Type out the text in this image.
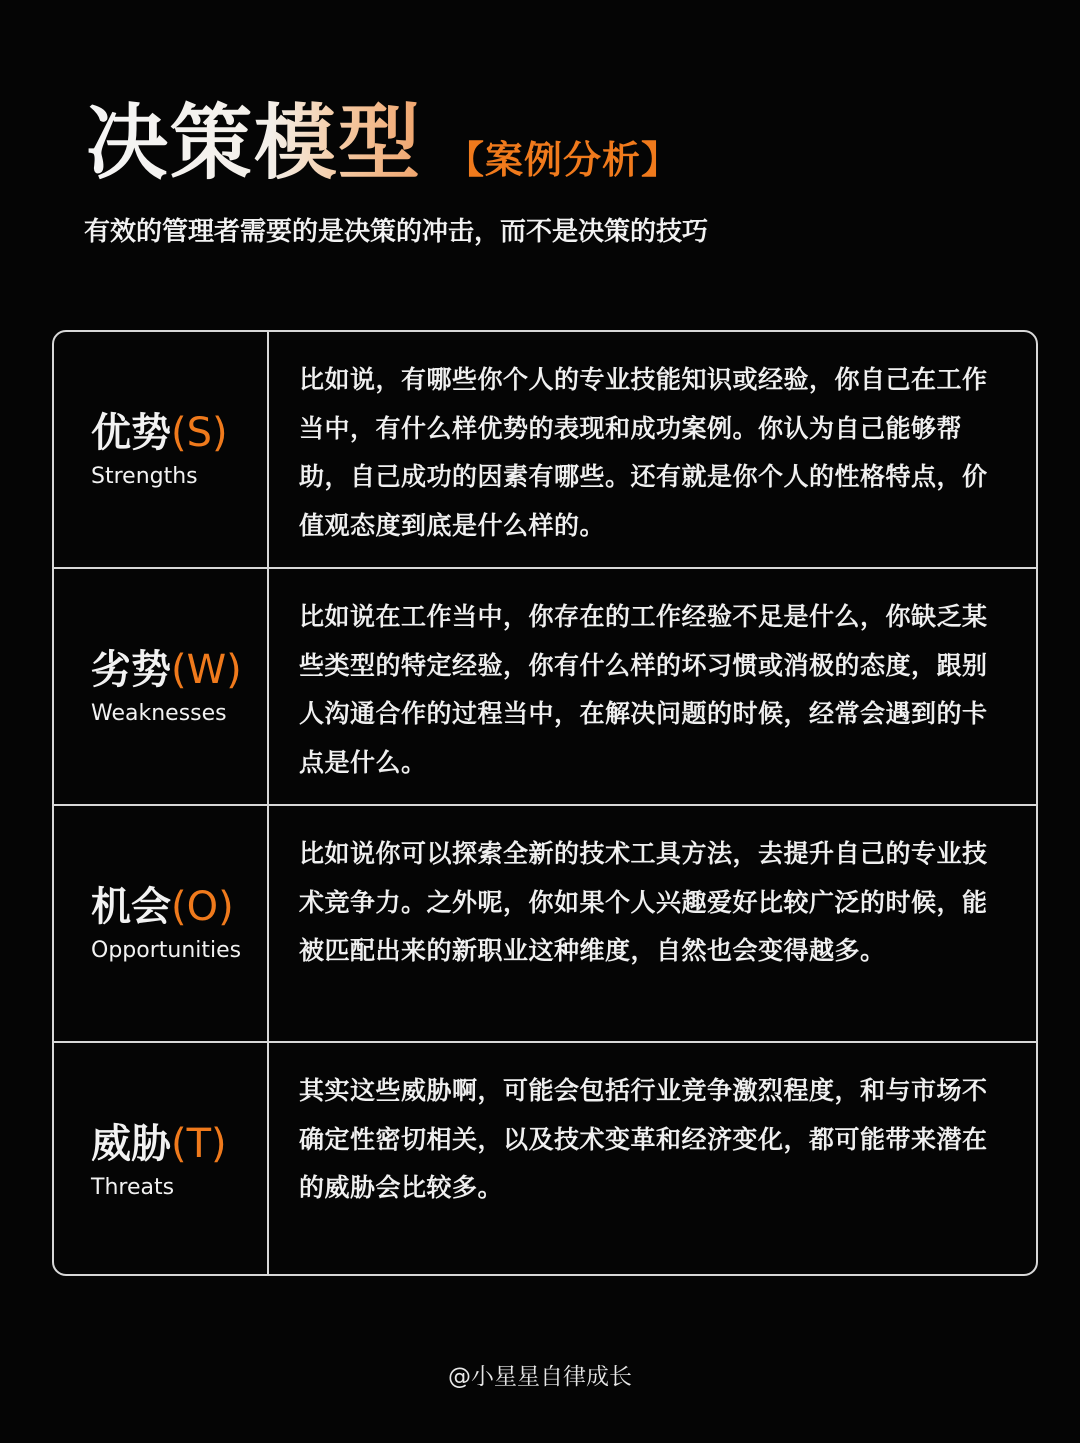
决策模型 【案例分析】
有效的管理者需要的是决策的冲击，而不是决策的技巧
优势(S)
Strengths
比如说，有哪些你个人的专业技能知识或经验，你自己在工作当中，有什么样优势的表现和成功案例。你认为自己能够帮助，自己成功的因素有哪些。还有就是你个人的性格特点，价值观态度到底是什么样的。
劣势(W)
Weaknesses
比如说在工作当中，你存在的工作经验不足是什么，你缺乏某些类型的特定经验，你有什么样的坏习惯或消极的态度，跟别人沟通合作的过程当中，在解决问题的时候，经常会遇到的卡点是什么。
机会(O)
Opportunities
比如说你可以探索全新的技术工具方法，去提升自己的专业技术竞争力。之外呢，你如果个人兴趣爱好比较广泛的时候，能被匹配出来的新职业这种维度，自然也会变得越多。
威胁(T)
Threats
其实这些威胁啊，可能会包括行业竞争激烈程度，和与市场不确定性密切相关，以及技术变革和经济变化，都可能带来潜在的威胁会比较多。
@小星星自律成长
